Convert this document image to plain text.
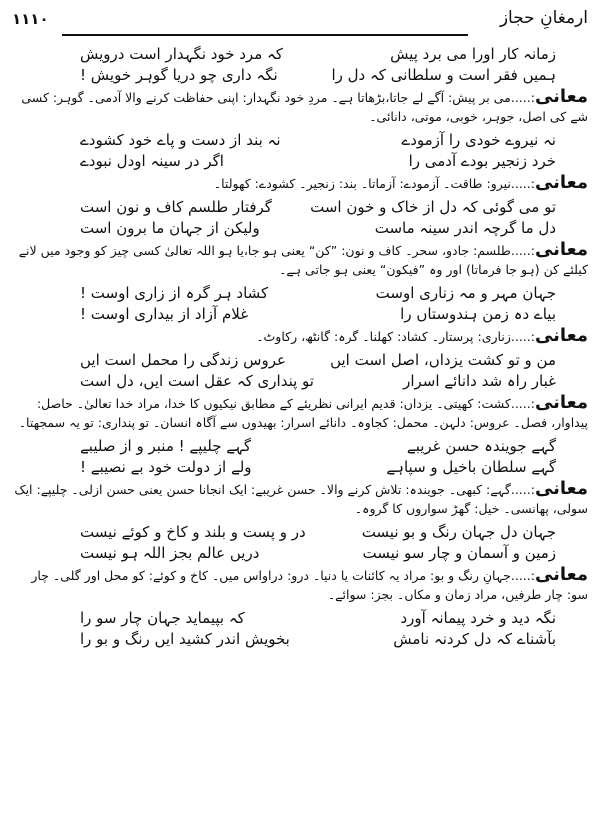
۱۱۱۰	ارمغانِ حجاز
زمانہ کار اورا می برد پیش
کہ مرد خود نگہدار است درویش
ہمیں فقر است و سلطانی کہ دل را
نگہ داری چو دریا گوہر خویش !
معانی:.....می بر پیش: آگے لے جاتا،بڑھاتا ہے۔ مردِ خود نگہدار: اپنی حفاظت کرنے والا آدمی۔ گوہر: کسی شے کی اصل، جوہر، خوبی، موتی، دانائی۔
نہ نیروے خودی را آزمودے
نہ بند از دست و پاے خود کشودے
خرد زنجیر بودے آدمی را
اگر در سینہ اودل نبودے
معانی:.....نیرو: طاقت۔ آزمودے: آزماتا۔ بند: زنجیر۔ کشودے: کھولتا۔
تو می گوئی کہ دل از خاک و خون است
گرفتار طلسم کاف و نون است
دل ما گرچہ اندر سینہ ماست
ولیکن از جہان ما برون است
معانی:.....طلسم: جادو، سحر۔ کاف و نون: ”کن“ یعنی ہو جا،یا ہو اللہ تعالیٰ کسی چیز کو وجود میں لانے کیلئے کن (ہو جا فرماتا) اور وہ ”فیکون“ یعنی ہو جاتی ہے۔
جہان مہر و مہ زناری اوست
کشاد ہر گرہ از زاری اوست !
بیاے دہ زمن ہندوستاں را
غلام آزاد از بیداری اوست !
معانی:.....زناری: پرستار۔ کشاد: کھلنا۔ گرہ: گانٹھ، رکاوٹ۔
من و تو کشت یزداں، اصل است ایں
عروس زندگی را محمل است ایں
غبار راہ شد دانائے اسرار
تو پنداری کہ عقل است ایں، دل است
معانی:.....کشت: کھیتی۔ یزداں: قدیم ایرانی نظریئے کے مطابق نیکیوں کا خدا، مراد خدا تعالیٰ۔ حاصل: پیداوار، فصل۔ عروس: دلہن۔ محمل: کجاوہ۔ دانائے اسرار: بھیدوں سے آگاہ انسان۔ تو پنداری: تو یہ سمجھتا۔
گہے جویندہ حسن غریبے
گہے چلیپے ! منبر و از صلیبے
گہے سلطان باخیل و سپاہے
ولے از دولت خود بے نصیبے !
معانی:.....گہے: کبھی۔ جویندہ: تلاش کرنے والا۔ حسن غریبے: ایک انجانا حسن یعنی حسن ازلی۔ چلیپے: ایک سولی، پھانسی۔ خیل: گھڑ سواروں کا گروہ۔
جہان دل جہان رنگ و بو نیست
در و پست و بلند و کاخ و کوئے نیست
زمین و آسمان و چار سو نیست
دریں عالم بجز اللہ ہو نیست
معانی:.....جہانِ رنگ و بو: مراد یہ کائنات یا دنیا۔ درو: دراواس میں۔ کاخ و کوئے: کو محل اور گلی۔ چار سو: چار طرفیں، مراد زمان و مکاں۔ بجز: سوائے۔
نگہ دید و خرد پیمانہ آورد
کہ بپیماید جہان چار سو را
بآشناے کہ دل کردنہ نامش
بخویش اندر کشید ایں رنگ و بو را
